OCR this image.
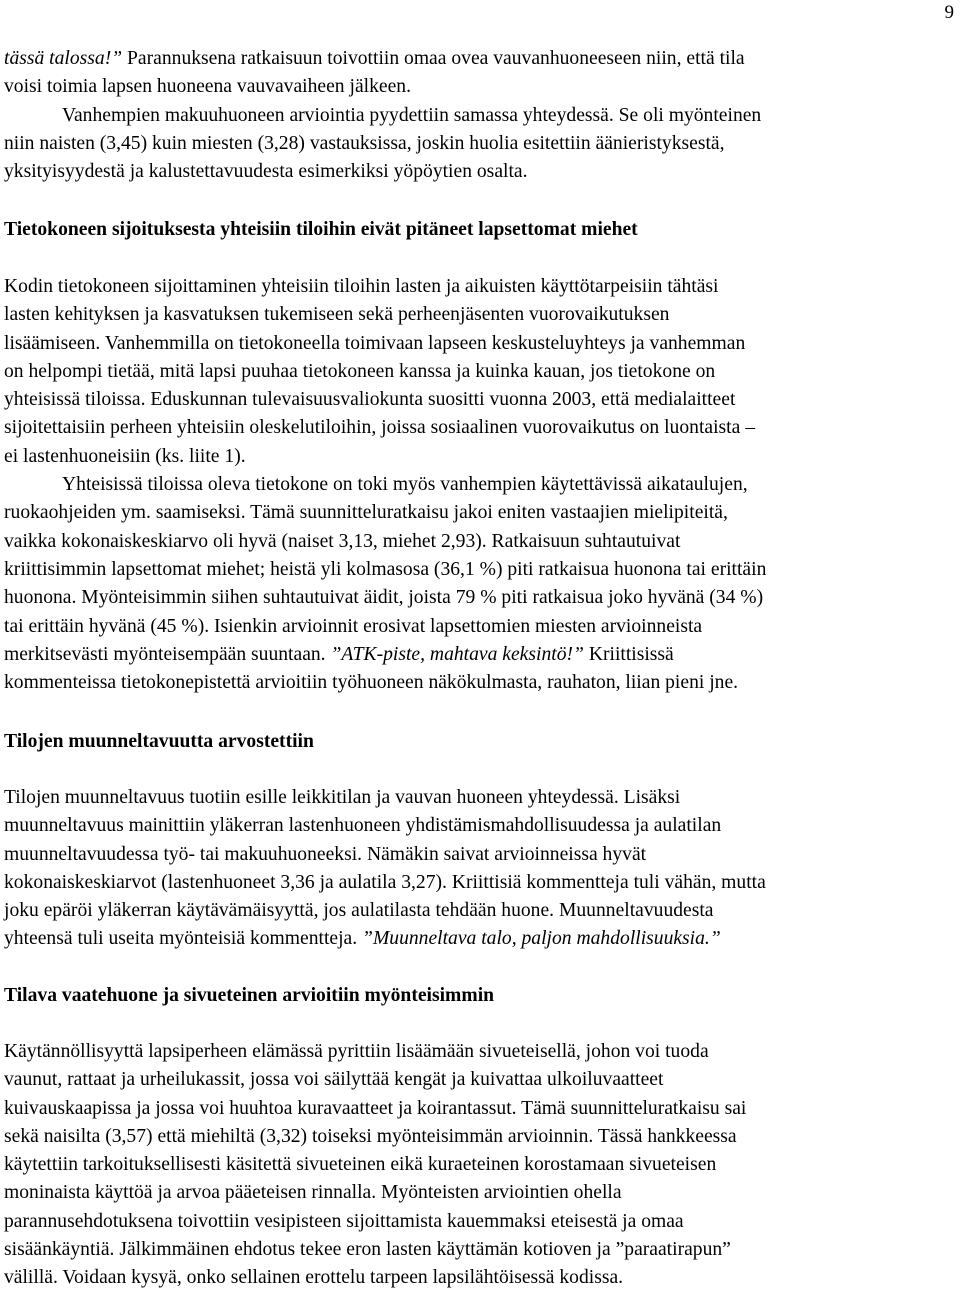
9
tässä talossa!” Parannuksena ratkaisuun toivottiin omaa ovea vauvanhuoneeseen niin, että tila
voisi toimia lapsen huoneena vauvavaiheen jälkeen.
Vanhempien makuuhuoneen arviointia pyydettiin samassa yhteydessä. Se oli myönteinen
niin naisten (3,45) kuin miesten (3,28) vastauksissa, joskin huolia esitettiin äänieristyksestä,
yksityisyydestä ja kalustettavuudesta esimerkiksi yöpöytien osalta.
Tietokoneen sijoituksesta yhteisiin tiloihin eivät pitäneet lapsettomat miehet
Kodin tietokoneen sijoittaminen yhteisiin tiloihin lasten ja aikuisten käyttötarpeisiin tähtäsi
lasten kehityksen ja kasvatuksen tukemiseen sekä perheenjäsenten vuorovaikutuksen
lisäämiseen. Vanhemmilla on tietokoneella toimivaan lapseen keskusteluyhteys ja vanhemman
on helpompi tietää, mitä lapsi puuhaa tietokoneen kanssa ja kuinka kauan, jos tietokone on
yhteisissä tiloissa. Eduskunnan tulevaisuusvaliokunta suositti vuonna 2003, että medialaitteet
sijoitettaisiin perheen yhteisiin oleskelutiloihin, joissa sosiaalinen vuorovaikutus on luontaista –
ei lastenhuoneisiin (ks. liite 1).
Yhteisissä tiloissa oleva tietokone on toki myös vanhempien käytettävissä aikataulujen,
ruokaohjeiden ym. saamiseksi. Tämä suunnitteluratkaisu jakoi eniten vastaajien mielipiteitä,
vaikka kokonaiskeskiarvo oli hyvä (naiset 3,13, miehet 2,93). Ratkaisuun suhtautuivat
kriittisimmin lapsettomat miehet; heistä yli kolmasosa (36,1 %) piti ratkaisua huonona tai erittäin
huonona. Myönteisimmin siihen suhtautuivat äidit, joista 79 % piti ratkaisua joko hyvänä (34 %)
tai erittäin hyvänä (45 %). Isienkin arvioinnit erosivat lapsettomien miesten arvioinneista
merkitsevästi myönteisempään suuntaan. ”ATK-piste, mahtava keksintö!” Kriittisissä
kommenteissa tietokonepistettä arvioitiin työhuoneen näkökulmasta, rauhaton, liian pieni jne.
Tilojen muunneltavuutta arvostettiin
Tilojen muunneltavuus tuotiin esille leikkitilan ja vauvan huoneen yhteydessä. Lisäksi
muunneltavuus mainittiin yläkerran lastenhuoneen yhdistämismahdollisuudessa ja aulatilan
muunneltavuudessa työ- tai makuuhuoneeksi. Nämäkin saivat arvioinneissa hyvät
kokonaiskeskiarvot (lastenhuoneet 3,36 ja aulatila 3,27). Kriittisiä kommentteja tuli vähän, mutta
joku epäröi yläkerran käytävämäisyyttä, jos aulatilasta tehdään huone. Muunneltavuudesta
yhteensä tuli useita myönteisiä kommentteja. ”Muunneltava talo, paljon mahdollisuuksia.”
Tilava vaatehuone ja sivueteinen arvioitiin myönteisimmin
Käytännöllisyyttä lapsiperheen elämässä pyrittiin lisäämään sivueteisellä, johon voi tuoda
vaunut, rattaat ja urheilukassit, jossa voi säilyttää kengät ja kuivattaa ulkoiluvaatteet
kuivauskaapissa ja jossa voi huuhtoa kuravaatteet ja koirantassut. Tämä suunnitteluratkaisu sai
sekä naisilta (3,57) että miehiltä (3,32) toiseksi myönteisimmän arvioinnin. Tässä hankkeessa
käytettiin tarkoituksellisesti käsitettä sivueteinen eikä kuraeteinen korostamaan sivueteisen
moninaista käyttöä ja arvoa pääeteisen rinnalla. Myönteisten arviointien ohella
parannusehdotuksena toivottiin vesipisteen sijoittamista kauemmaksi eteisestä ja omaa
sisäänkäyntiä. Jälkimmäinen ehdotus tekee eron lasten käyttämän kotioven ja ”paraatirapun”
välillä. Voidaan kysyä, onko sellainen erottelu tarpeen lapsilähtöisessä kodissa.
